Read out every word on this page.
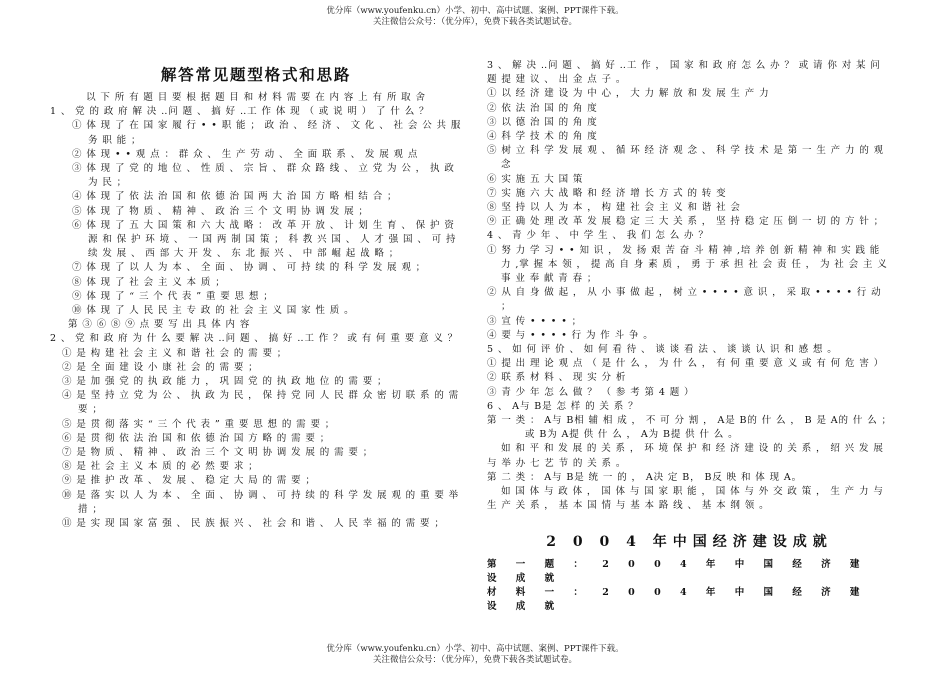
优分库（www.youfenku.cn）小学、初中、高中试题、案例、PPT课件下载。
关注微信公众号：（优分库），免费下载各类试题试卷。

解答常见题型格式和思路

以 下 所 有 题 目 要 根 据 题 目 和 材 料 需 要 在 内 容 上 有 所 取 舍

1 、 党 的 政 府 解 决 ‥问 题 、 搞 好 ‥工 作 体 现 （ 或 说 明 ） 了 什 么 ？

① 体 现 了 在 国 家 履 行 • • 职 能 ； 政 治 、 经 济 、 文 化 、 社 会 公 共 服 务 职 能 ；

② 体 现 • • 观 点 ： 群 众 、 生 产 劳 动 、 全 面 联 系 、 发 展 观 点

③ 体 现 了 党 的 地 位 、 性 质 、 宗 旨 、 群 众 路 线 、 立 党 为 公 ， 执 政 为 民 ；

④ 体 现 了 依 法 治 国 和 依 德 治 国 两 大 治 国 方 略 相 结 合 ；

⑤ 体 现 了 物 质 、 精 神 、 政 治 三 个 文 明 协 调 发 展 ；

⑥ 体 现 了 五 大 国 策 和 六 大 战 略 ： 改 革 开 放 、 计 划 生 育 、 保 护 资 源 和 保 护 环 境 、 一 国 两 制 国 策 ； 科 教 兴 国 、 人 才 强 国 、 可 持 续 发 展 、 西 部 大 开 发 、 东 北 振 兴 、 中 部 崛 起 战 略 ；

⑦ 体 现 了 以 人 为 本 、 全 面 、 协 调 、 可 持 续 的 科 学 发 展 观 ；

⑧ 体 现 了 社 会 主 义 本 质 ；

⑨ 体 现 了 “ 三 个 代 表 ” 重 要 思 想 ；

⑩ 体 现 了 人 民 民 主 专 政 的 社 会 主 义 国 家 性 质 。

第 ③ ⑥ ⑧ ⑨ 点 要 写 出 具 体 内 容

2 、 党 和 政 府 为 什 么 要 解 决 ‥问 题 、 搞 好 ‥工 作 ？ 或 有 何 重 要 意 义 ？

① 是 构 建 社 会 主 义 和 谐 社 会 的 需 要 ；

② 是 全 面 建 设 小 康 社 会 的 需 要 ；

③ 是 加 强 党 的 执 政 能 力 ， 巩 固 党 的 执 政 地 位 的 需 要 ；

④ 是 坚 持 立 党 为 公 、 执 政 为 民 ， 保 持 党 同 人 民 群 众 密 切 联 系 的 需 要 ；

⑤ 是 贯 彻 落 实 “ 三 个 代 表 ” 重 要 思 想 的 需 要 ；

⑥ 是 贯 彻 依 法 治 国 和 依 德 治 国 方 略 的 需 要 ；

⑦ 是 物 质 、 精 神 、 政 治 三 个 文 明 协 调 发 展 的 需 要 ；

⑧ 是 社 会 主 义 本 质 的 必 然 要 求 ；

⑨ 是 推 护 改 革 、 发 展 、 稳 定 大 局 的 需 要 ；

⑩ 是 落 实 以 人 为 本 、 全 面 、 协 调 、 可 持 续 的 科 学 发 展 观 的 重 要 举 措 ；

⑪ 是 实 现 国 家 富 强 、 民 族 振 兴 、 社 会 和 谐 、 人 民 幸 福 的 需 要 ；

3 、 解 决 ‥问 题 、 搞 好 ‥工 作 ， 国 家 和 政 府 怎 么 办 ？ 或 请 你 对 某 问 题 提 建 议 、 出 金 点 子 。

① 以 经 济 建 设 为 中 心 ， 大 力 解 放 和 发 展 生 产 力

② 依 法 治 国 的 角 度

③ 以 德 治 国 的 角 度

④ 科 学 技 术 的 角 度

⑤ 树 立 科 学 发 展 观 、 循 环 经 济 观 念 、 科 学 技 术 是 第 一 生 产 力 的 观 念

⑥ 实 施 五 大 国 策

⑦ 实 施 六 大 战 略 和 经 济 增 长 方 式 的 转 变

⑧ 坚 持 以 人 为 本 ， 构 建 社 会 主 义 和 谐 社 会

⑨ 正 确 处 理 改 革 发 展 稳 定 三 大 关 系 ， 坚 持 稳 定 压 倒 一 切 的 方 针 ；

4 、 青 少 年 、 中 学 生 、 我 们 怎 么 办 ？

① 努 力 学 习 • • 知 识 ， 发 扬 艰 苦 奋 斗 精 神 ,培 养 创 新 精 神 和 实 践 能 力 ,掌 握 本 领 ， 提 高 自 身 素 质 ， 勇 于 承 担 社 会 责 任 ， 为 社 会 主 义 事 业 奉 献 青 春 ；

② 从 自 身 做 起 ， 从 小 事 做 起 ， 树 立 • • • • 意 识 ， 采 取 • • • • 行 动 ；

③ 宣 传 • • • • ；

④ 要 与 • • • • 行 为 作 斗 争 。

5 、 如 何 评 价 、 如 何 看 待 、 谈 谈 看 法 、 谈 谈 认 识 和 感 想 。

① 提 出 理 论 观 点 （ 是 什 么 ， 为 什 么 ， 有 何 重 要 意 义 或 有 何 危 害 ）

② 联 系 材 料 、 现 实 分 析

③ 青 少 年 怎 么 做 ？ （ 参 考 第 4 题 ）

6 、 A与 B是 怎 样 的 关 系 ？

第 一 类 ： A与 B相 辅 相 成 ， 不 可 分 割 ， A是 B的 什 么 ， B 是 A的 什 么 ； 或 B为 A提 供 什 么 ， A为 B提 供 什 么 。

如 和 平 和 发 展 的 关 系 ， 环 境 保 护 和 经 济 建 设 的 关 系 ， 绍 兴 发 展 与 举 办 七 艺 节 的 关 系 。

第 二 类 ： A与 B是 统 一 的 ， A决 定 B， B反 映 和 体 现 A。

如 国 体 与 政 体 ， 国 体 与 国 家 职 能 ， 国 体 与 外 交 政 策 ， 生 产 力 与 生 产 关 系 ， 基 本 国 情 与 基 本 路 线 、 基 本 纲 领 。

2 0 0 4 年中国经济建设成就

第 一 题 ： 2 0 0 4 年 中 国 经 济 建 设 成 就

材 料 一 ： 2 0 0 4 年 中 国 经 济 建 设 成 就

优分库（www.youfenku.cn）小学、初中、高中试题、案例、PPT课件下载。
关注微信公众号：（优分库），免费下载各类试题试卷。
